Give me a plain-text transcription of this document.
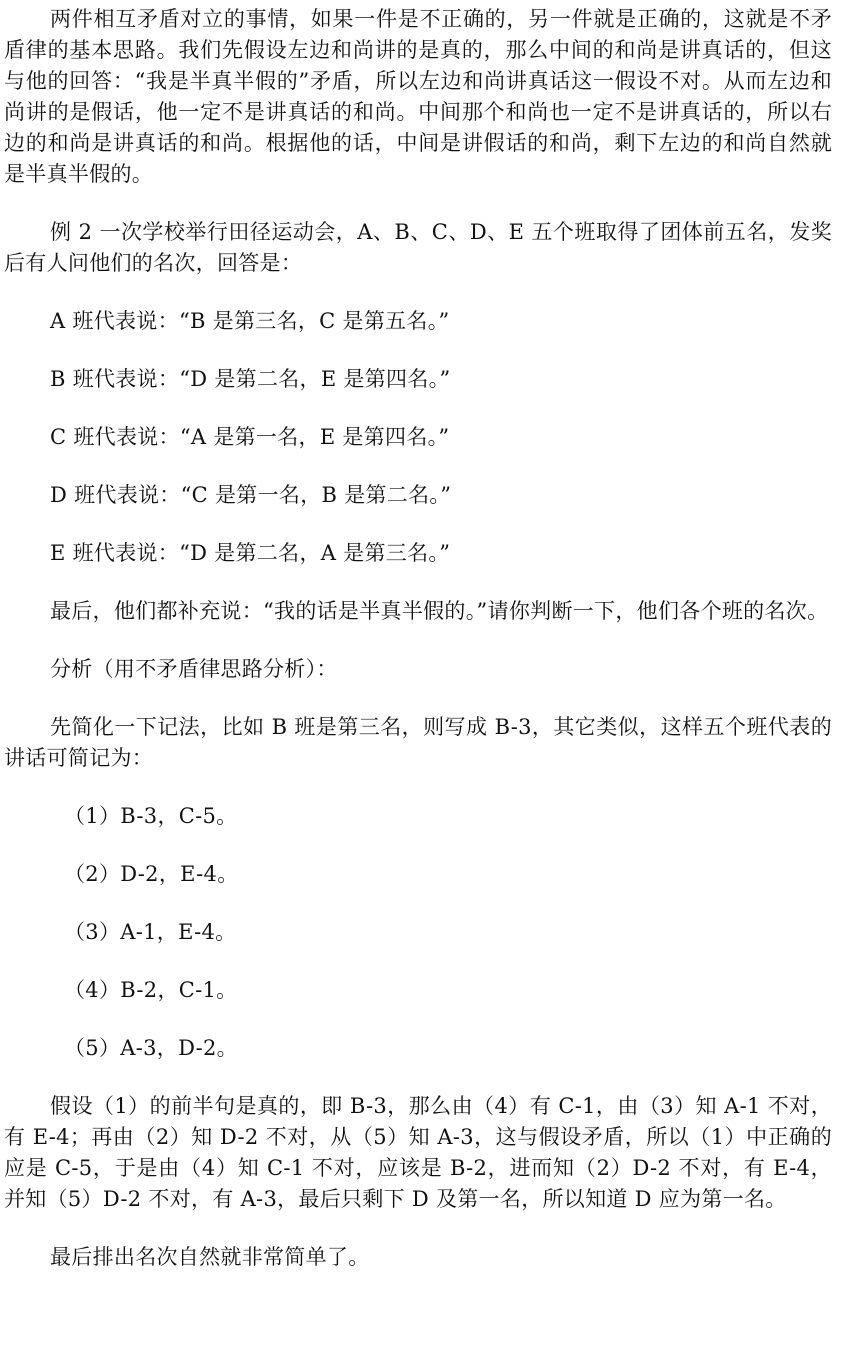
两件相互矛盾对立的事情，如果一件是不正确的，另一件就是正确的，这就是不矛盾律的基本思路。我们先假设左边和尚讲的是真的，那么中间的和尚是讲真话的，但这与他的回答：“我是半真半假的”矛盾，所以左边和尚讲真话这一假设不对。从而左边和尚讲的是假话，他一定不是讲真话的和尚。中间那个和尚也一定不是讲真话的，所以右边的和尚是讲真话的和尚。根据他的话，中间是讲假话的和尚，剩下左边的和尚自然就是半真半假的。

例 2 一次学校举行田径运动会，A、B、C、D、E 五个班取得了团体前五名，发奖后有人问他们的名次，回答是：

A 班代表说：“B 是第三名，C 是第五名。”

B 班代表说：“D 是第二名，E 是第四名。”

C 班代表说：“A 是第一名，E 是第四名。”

D 班代表说：“C 是第一名，B 是第二名。”

E 班代表说：“D 是第二名，A 是第三名。”

最后，他们都补充说：“我的话是半真半假的。”请你判断一下，他们各个班的名次。

分析（用不矛盾律思路分析）：

先简化一下记法，比如 B 班是第三名，则写成 B-3，其它类似，这样五个班代表的讲话可简记为：

（1）B-3，C-5。

（2）D-2，E-4。

（3）A-1，E-4。

（4）B-2，C-1。

（5）A-3，D-2。

假设（1）的前半句是真的，即 B-3，那么由（4）有 C-1，由（3）知 A-1 不对，有 E-4；再由（2）知 D-2 不对，从（5）知 A-3，这与假设矛盾，所以（1）中正确的应是 C-5，于是由（4）知 C-1 不对，应该是 B-2，进而知（2）D-2 不对，有 E-4，并知（5）D-2 不对，有 A-3，最后只剩下 D 及第一名，所以知道 D 应为第一名。

最后排出名次自然就非常简单了。
